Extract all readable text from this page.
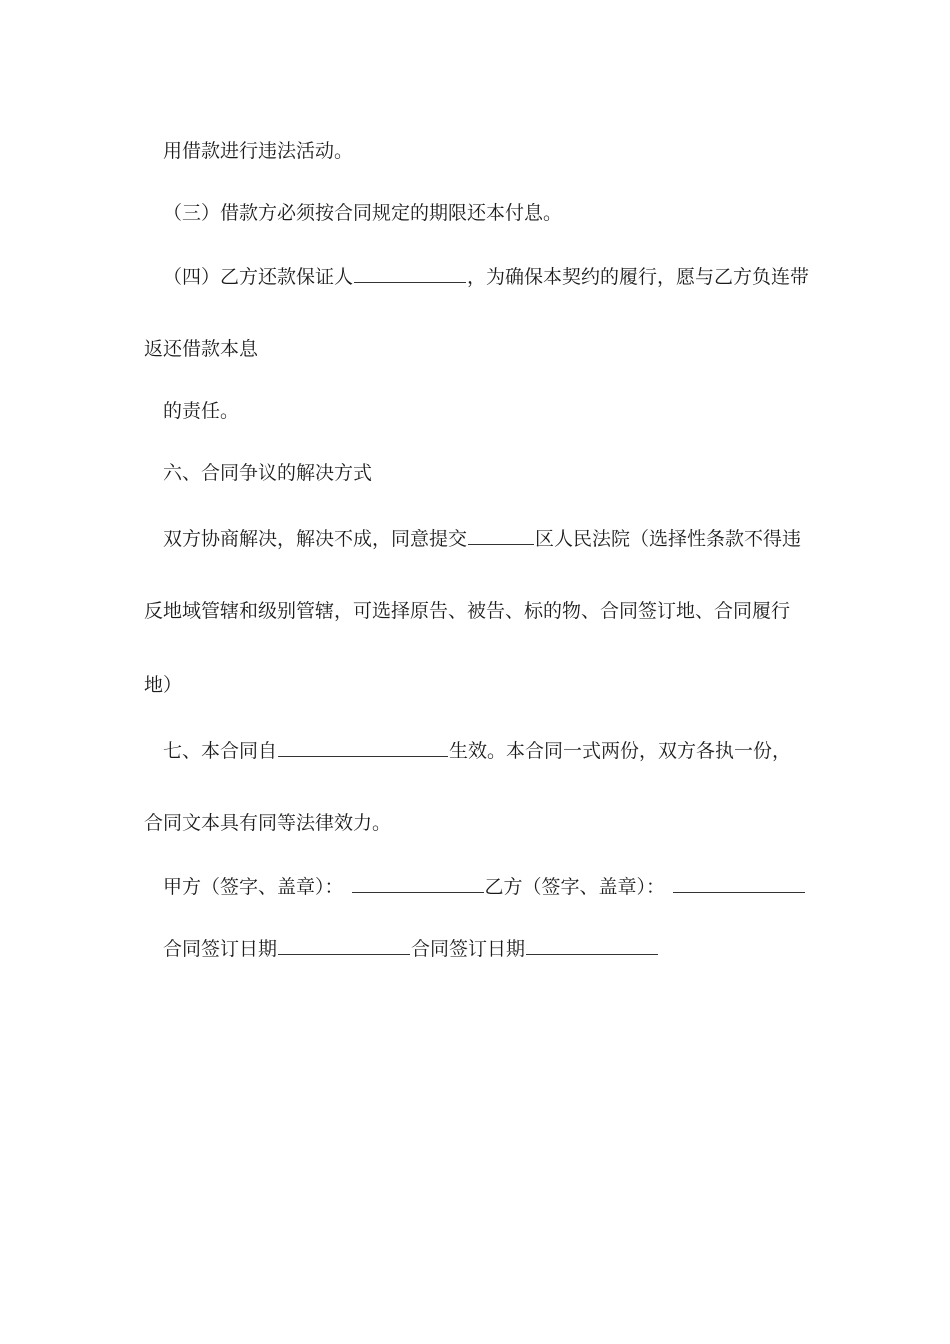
用借款进行违法活动。
（三）借款方必须按合同规定的期限还本付息。
（四）乙方还款保证人	，为确保本契约的履行，愿与乙方负连带
返还借款本息
的责任。
六、合同争议的解决方式
双方协商解决，解决不成，同意提交	区人民法院（选择性条款不得违
反地域管辖和级别管辖，可选择原告、被告、标的物、合同签订地、合同履行
地）
七、本合同自	生效。本合同一式两份，双方各执一份，
合同文本具有同等法律效力。
甲方（签字、盖章）：	乙方（签字、盖章）：
合同签订日期	合同签订日期
